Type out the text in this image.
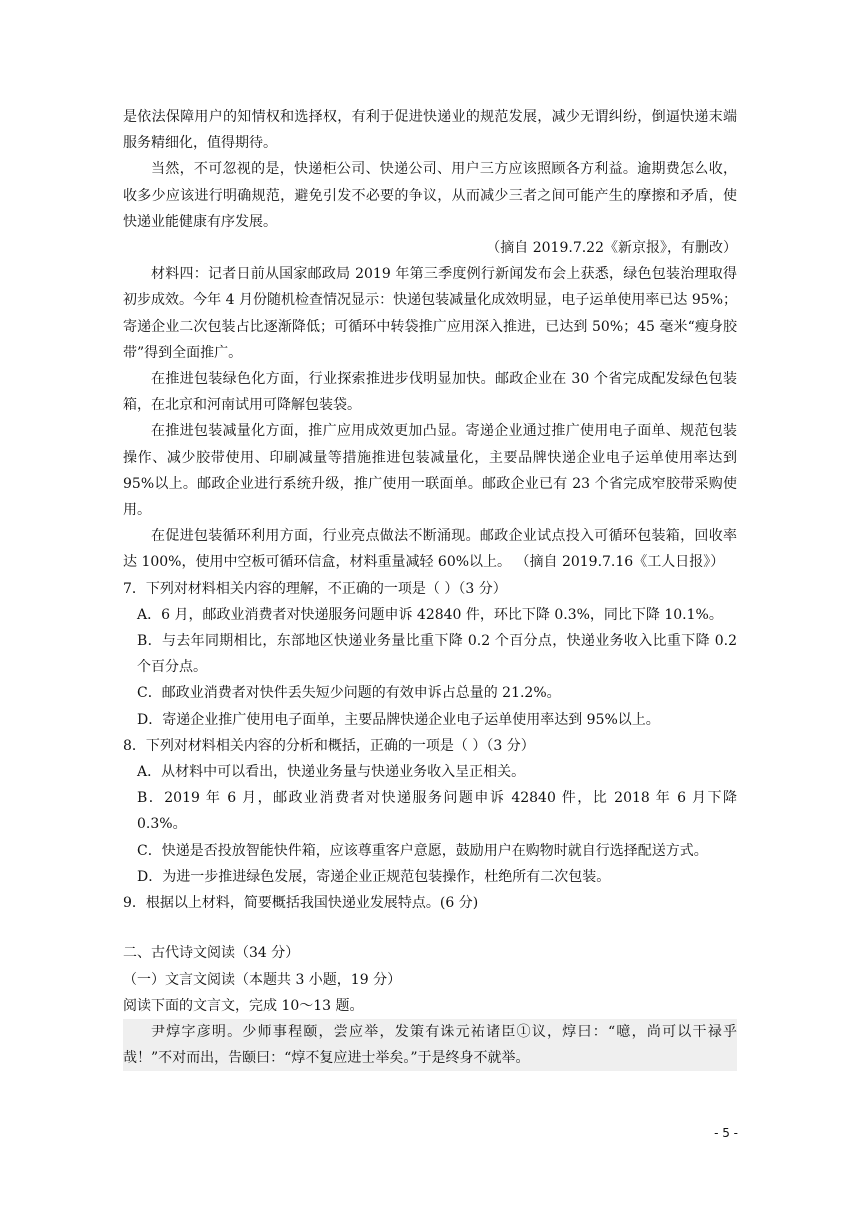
是依法保障用户的知情权和选择权，有利于促进快递业的规范发展，减少无谓纠纷，倒逼快递末端服务精细化，值得期待。

当然，不可忽视的是，快递柜公司、快递公司、用户三方应该照顾各方利益。逾期费怎么收，收多少应该进行明确规范，避免引发不必要的争议，从而减少三者之间可能产生的摩擦和矛盾，使快递业能健康有序发展。

（摘自 2019.7.22《新京报》，有删改）

材料四：记者日前从国家邮政局 2019 年第三季度例行新闻发布会上获悉，绿色包装治理取得初步成效。今年 4 月份随机检查情况显示：快递包装减量化成效明显，电子运单使用率已达 95%；寄递企业二次包装占比逐渐降低；可循环中转袋推广应用深入推进，已达到 50%；45 毫米“瘦身胶带”得到全面推广。

在推进包装绿色化方面，行业探索推进步伐明显加快。邮政企业在 30 个省完成配发绿色包装箱，在北京和河南试用可降解包装袋。

在推进包装减量化方面，推广应用成效更加凸显。寄递企业通过推广使用电子面单、规范包装操作、减少胶带使用、印刷减量等措施推进包装减量化，主要品牌快递企业电子运单使用率达到 95%以上。邮政企业进行系统升级，推广使用一联面单。邮政企业已有 23 个省完成窄胶带采购使用。

在促进包装循环利用方面，行业亮点做法不断涌现。邮政企业试点投入可循环包装箱，回收率达 100%，使用中空板可循环信盒，材料重量减轻 60%以上。 （摘自 2019.7.16《工人日报》）

7．下列对材料相关内容的理解，不正确的一项是（ ）（3 分）

A．6 月，邮政业消费者对快递服务问题申诉 42840 件，环比下降 0.3%，同比下降 10.1%。

B．与去年同期相比，东部地区快递业务量比重下降 0.2 个百分点，快递业务收入比重下降 0.2 个百分点。

C．邮政业消费者对快件丢失短少问题的有效申诉占总量的 21.2%。

D．寄递企业推广使用电子面单，主要品牌快递企业电子运单使用率达到 95%以上。

8．下列对材料相关内容的分析和概括，正确的一项是（ ）（3 分）

A．从材料中可以看出，快递业务量与快递业务收入呈正相关。

B．2019 年 6 月，邮政业消费者对快递服务问题申诉 42840 件，比 2018 年 6 月下降 0.3%。

C．快递是否投放智能快件箱，应该尊重客户意愿，鼓励用户在购物时就自行选择配送方式。

D．为进一步推进绿色发展，寄递企业正规范包装操作，杜绝所有二次包装。

9．根据以上材料，简要概括我国快递业发展特点。(6 分)

二、古代诗文阅读（34 分）

（一）文言文阅读（本题共 3 小题，19 分）

阅读下面的文言文，完成 10～13 题。

尹焞字彦明。少师事程颐，尝应举，发策有诛元祐诸臣①议，焞曰：“噫，尚可以干禄乎哉！”不对而出，告颐曰：“焞不复应进士举矣。”于是终身不就举。

- 5 -
